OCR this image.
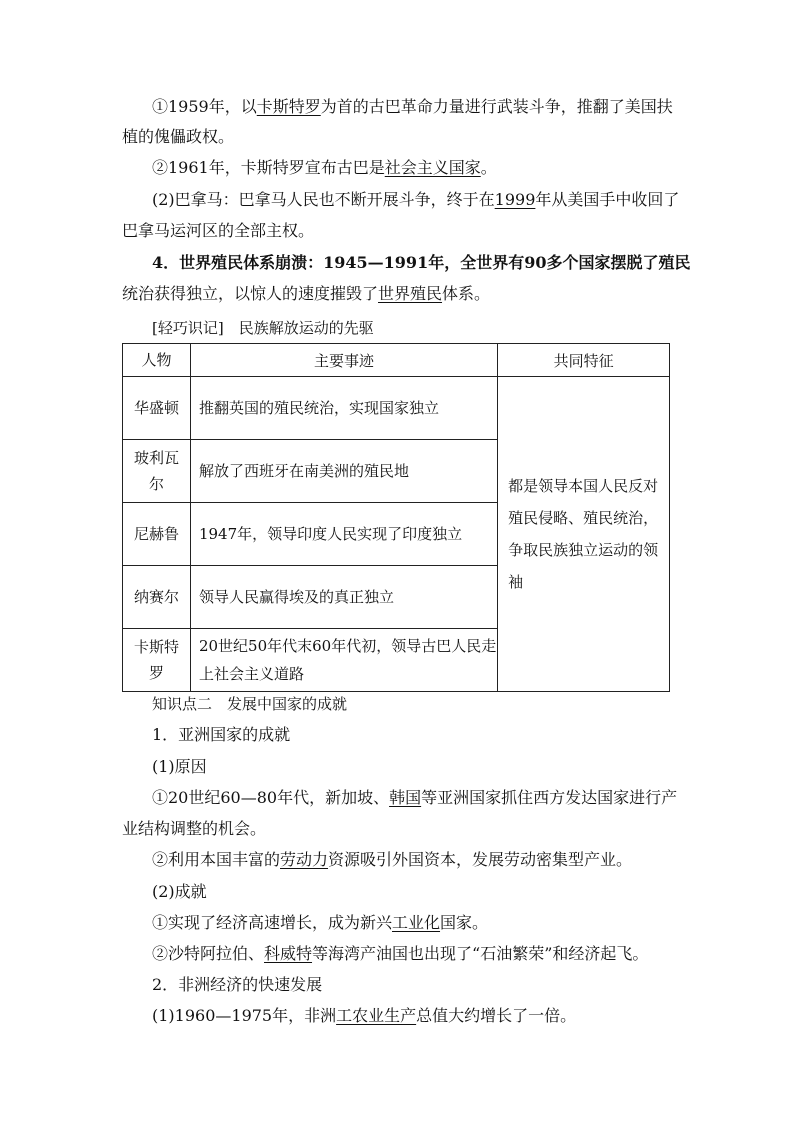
①1959年，以卡斯特罗为首的古巴革命力量进行武装斗争，推翻了美国扶
植的傀儡政权。
②1961年，卡斯特罗宣布古巴是社会主义国家。
(2)巴拿马：巴拿马人民也不断开展斗争，终于在1999年从美国手中收回了
巴拿马运河区的全部主权。
4．世界殖民体系崩溃：1945—1991年，全世界有90多个国家摆脱了殖民
统治获得独立，以惊人的速度摧毁了世界殖民体系。
[轻巧识记]　民族解放运动的先驱
人物	主要事迹	共同特征
华盛顿	推翻英国的殖民统治，实现国家独立	都是领导本国人民反对殖民侵略、殖民统治，争取民族独立运动的领袖
玻利瓦尔	解放了西班牙在南美洲的殖民地	
尼赫鲁	1947年，领导印度人民实现了印度独立	
纳赛尔	领导人民赢得埃及的真正独立	
卡斯特罗	20世纪50年代末60年代初，领导古巴人民走上社会主义道路	
知识点二　发展中国家的成就
1．亚洲国家的成就
(1)原因
①20世纪60—80年代，新加坡、韩国等亚洲国家抓住西方发达国家进行产
业结构调整的机会。
②利用本国丰富的劳动力资源吸引外国资本，发展劳动密集型产业。
(2)成就
①实现了经济高速增长，成为新兴工业化国家。
②沙特阿拉伯、科威特等海湾产油国也出现了“石油繁荣”和经济起飞。
2．非洲经济的快速发展
(1)1960—1975年，非洲工农业生产总值大约增长了一倍。
